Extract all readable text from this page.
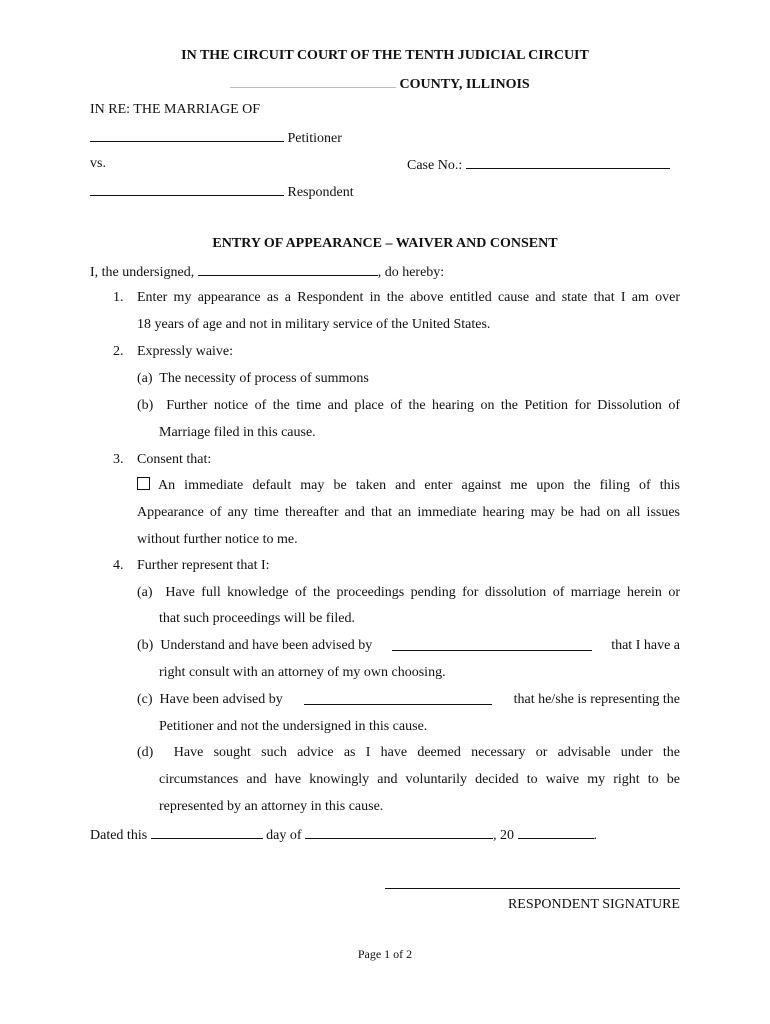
IN THE CIRCUIT COURT OF THE TENTH JUDICIAL CIRCUIT
COUNTY, ILLINOIS
IN RE: THE MARRIAGE OF
Petitioner
vs.	Case No.:
Respondent
ENTRY OF APPEARANCE – WAIVER AND CONSENT
I, the undersigned,	, do hereby:
1. Enter my appearance as a Respondent in the above entitled cause and state that I am over
18 years of age and not in military service of the United States.
2. Expressly waive:
(a)  The necessity of process of summons
(b)  Further notice of the time and place of the hearing on the Petition for Dissolution of
Marriage filed in this cause.
3. Consent that:
An immediate default may be taken and enter against me upon the filing of this
Appearance of any time thereafter and that an immediate hearing may be had on all issues
without further notice to me.
4. Further represent that I:
(a)  Have full knowledge of the proceedings pending for dissolution of marriage herein or
that such proceedings will be filed.
(b)  Understand and have been advised by	that I have a
right consult with an attorney of my own choosing.
(c)  Have been advised by	that he/she is representing the
Petitioner and not the undersigned in this cause.
(d)  Have sought such advice as I have deemed necessary or advisable under the
circumstances and have knowingly and voluntarily decided to waive my right to be
represented by an attorney in this cause.
Dated this	day of	, 20	.
RESPONDENT SIGNATURE
Page 1 of 2
